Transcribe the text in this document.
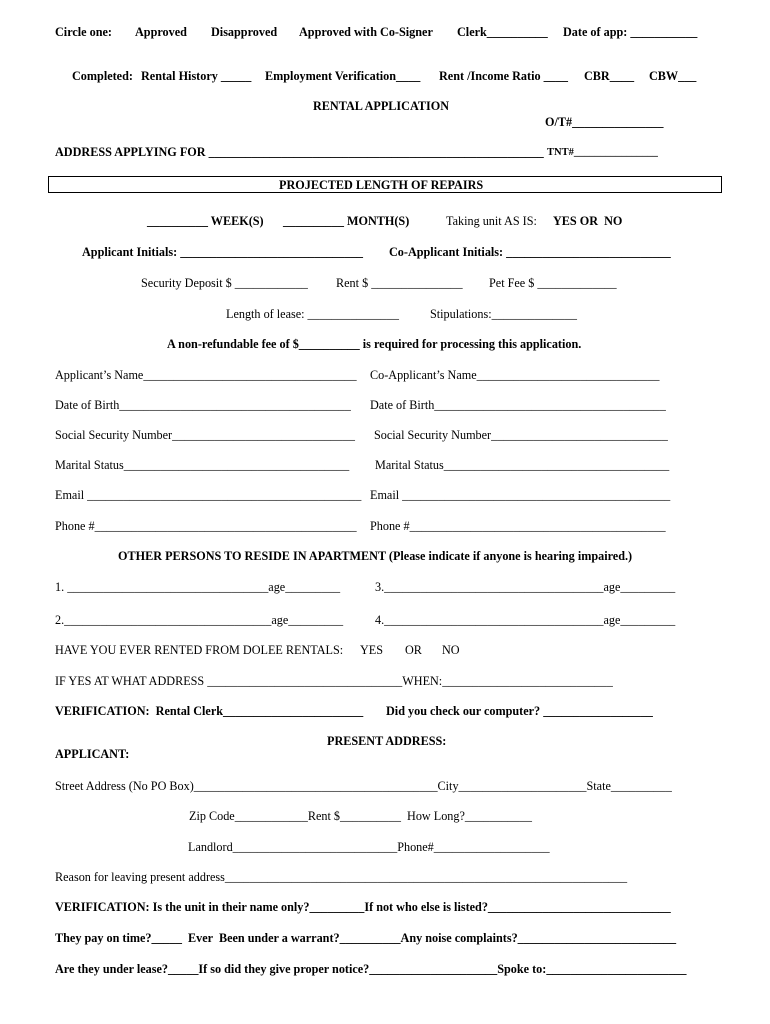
Circle one: Approved Disapproved Approved with Co-Signer Clerk__________ Date of app: ___________
Completed: Rental History _____ Employment Verification____ Rent /Income Ratio ____ CBR____ CBW___
RENTAL APPLICATION
O/T#_______________
ADDRESS APPLYING FOR _______________________________________________________ TNT#________________
PROJECTED LENGTH OF REPAIRS
__________ WEEK(S) __________ MONTH(S)	Taking unit AS IS: YES OR  NO
Applicant Initials: ______________________________ Co-Applicant Initials: ___________________________
Security Deposit $ ____________ Rent $ _______________ Pet Fee $ _____________
Length of lease: _______________	Stipulations:______________
A non-refundable fee of $__________ is required for processing this application.
Applicant’s Name___________________________________
Date of Birth______________________________________
Social Security Number______________________________
Marital Status_____________________________________
Email _____________________________________________
Phone #___________________________________________
Co-Applicant’s Name______________________________
Date of Birth______________________________________
Social Security Number_____________________________
Marital Status_____________________________________
Email ____________________________________________
Phone #__________________________________________
OTHER PERSONS TO RESIDE IN APARTMENT (Please indicate if anyone is hearing impaired.)
1. _________________________________age_________
2.__________________________________age_________
3.____________________________________age_________
4.____________________________________age_________
HAVE YOU EVER RENTED FROM DOLEE RENTALS: YES OR NO
IF YES AT WHAT ADDRESS ________________________________WHEN:____________________________
VERIFICATION:  Rental Clerk_______________________ Did you check our computer? __________________
PRESENT ADDRESS:
APPLICANT:
Street Address (No PO Box)________________________________________City_____________________State__________
Zip Code____________Rent $__________  How Long?___________
Landlord___________________________Phone#___________________
Reason for leaving present address__________________________________________________________________
VERIFICATION: Is the unit in their name only?_________If not who else is listed?______________________________
They pay on time?_____  Ever  Been under a warrant?__________Any noise complaints?__________________________
Are they under lease?_____If so did they give proper notice?_____________________Spoke to:_______________________
